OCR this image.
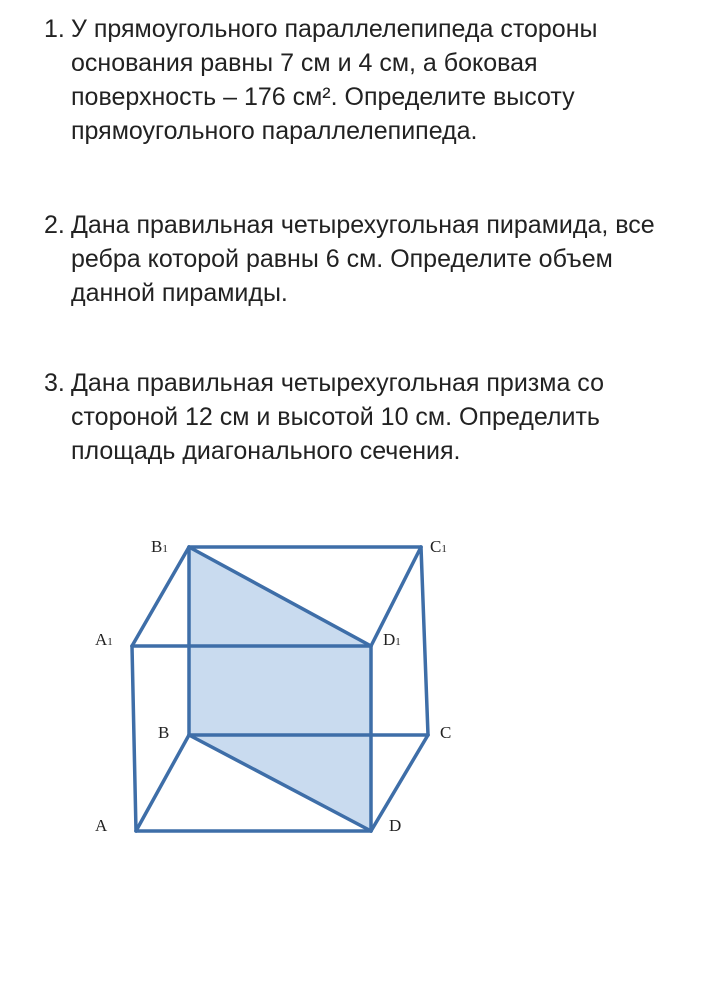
1. У прямоугольного параллелепипеда стороны
основания равны 7 см и 4 см, а боковая
поверхность – 176 см². Определите высоту
прямоугольного параллелепипеда.
2. Дана правильная четырехугольная пирамида, все
ребра которой равны 6 см. Определите объем
данной пирамиды.
3. Дана правильная четырехугольная призма со
стороной 12 см и высотой 10 см. Определить
площадь диагонального сечения.
B1	C1
A1	D1
B	C
A	D
